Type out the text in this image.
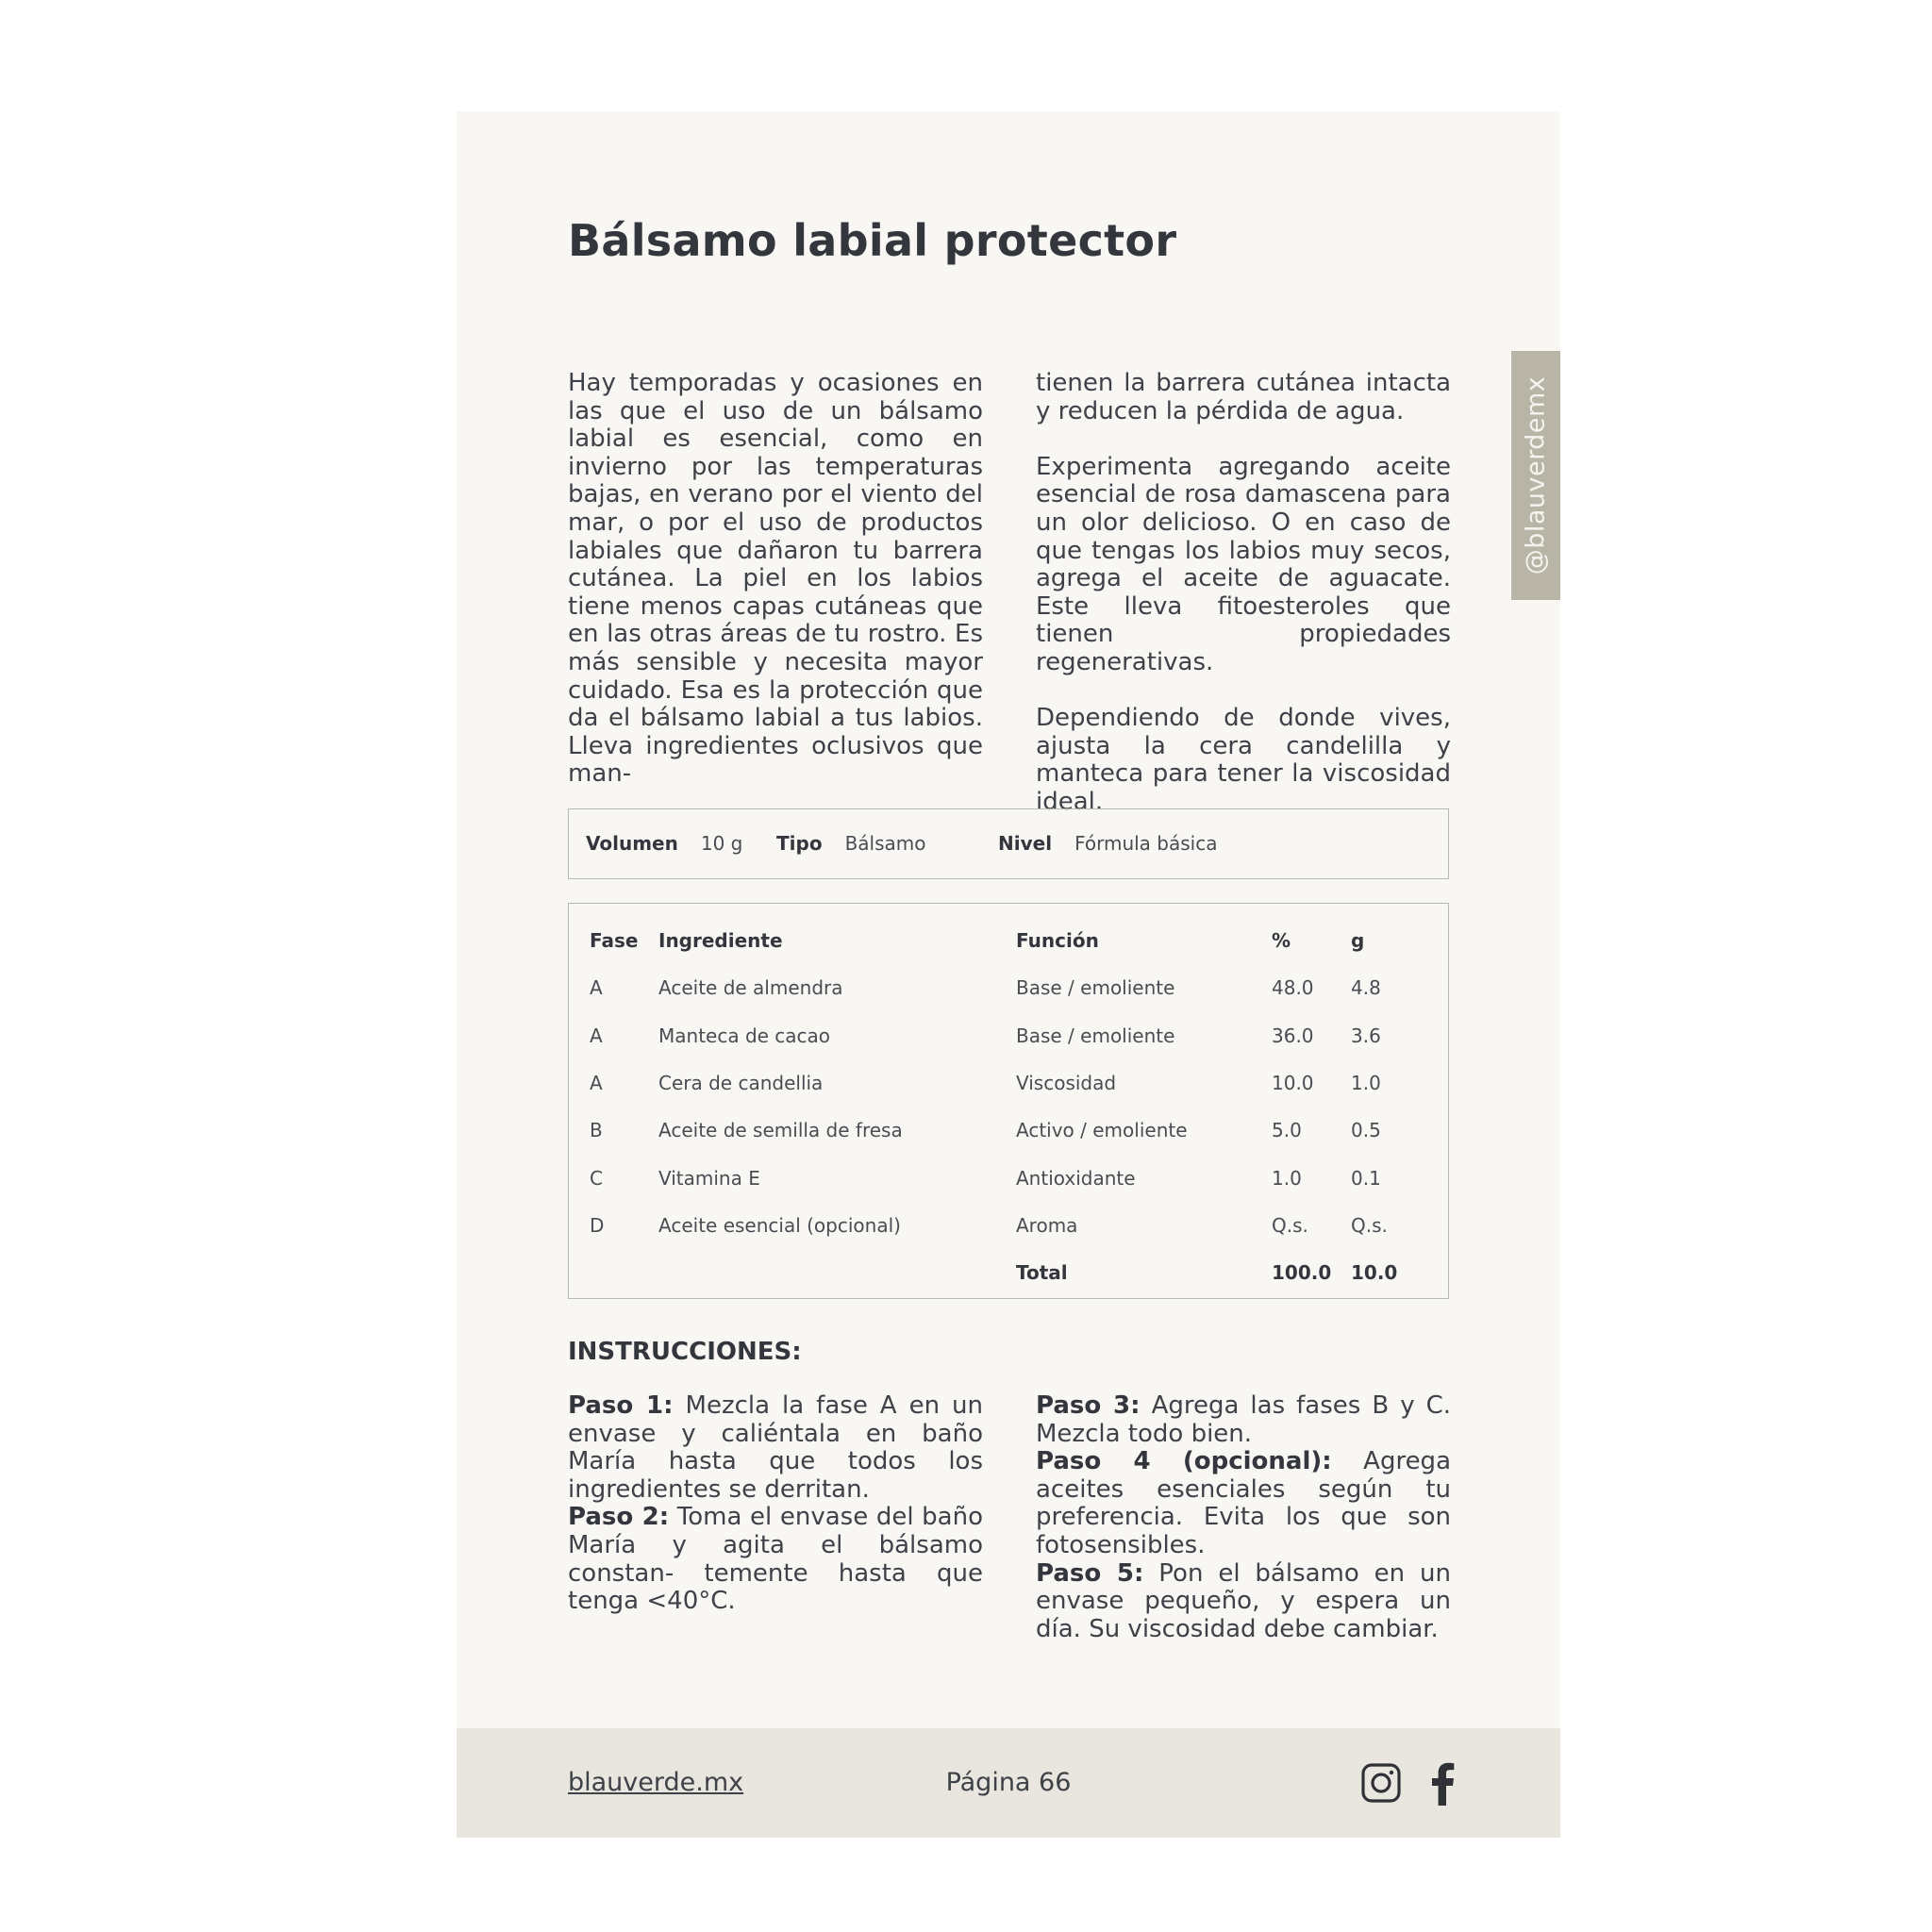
@blauverdemx
Bálsamo labial protector

Hay temporadas y ocasiones en las que el uso de un bálsamo labial es esencial, como en invierno por las temperaturas bajas, en verano por el viento del mar, o por el uso de productos labiales que dañaron tu barrera cutánea. La piel en los labios tiene menos capas cutáneas que en las otras áreas de tu rostro. Es más sensible y necesita mayor cuidado. Esa es la protección que da el bálsamo labial a tus labios. Lleva ingredientes oclusivos que man-

tienen la barrera cutánea intacta y reducen la pérdida de agua.

Experimenta agregando aceite esencial de rosa damascena para un olor delicioso. O en caso de que tengas los labios muy secos, agrega el aceite de aguacate. Este lleva fitoesteroles que tienen propiedades regenerativas.

Dependiendo de donde vives, ajusta la cera candelilla y manteca para tener la viscosidad ideal.

Volumen 10 g Tipo Bálsamo	Nivel Fórmula básica
Fase	Ingrediente	Función	%	g
A	Aceite de almendra	Base / emoliente	48.0	4.8
A	Manteca de cacao	Base / emoliente	36.0	3.6
A	Cera de candellia	Viscosidad	10.0	1.0
B	Aceite de semilla de fresa	Activo / emoliente	5.0	0.5
C	Vitamina E	Antioxidante	1.0	0.1
D	Aceite esencial (opcional)	Aroma	Q.s.	Q.s.
		Total	100.0	10.0
INSTRUCCIONES:

Paso 1: Mezcla la fase A en un envase y caliéntala en baño María hasta que todos los ingredientes se derritan.

Paso 2: Toma el envase del baño María y agita el bálsamo constan- temente hasta que tenga <40°C.

Paso 3: Agrega las fases B y C. Mezcla todo bien.

Paso 4 (opcional): Agrega aceites esenciales según tu preferencia. Evita los que son fotosensibles.

Paso 5: Pon el bálsamo en un envase pequeño, y espera un día. Su viscosidad debe cambiar.

blauverde.mx	Página 66
